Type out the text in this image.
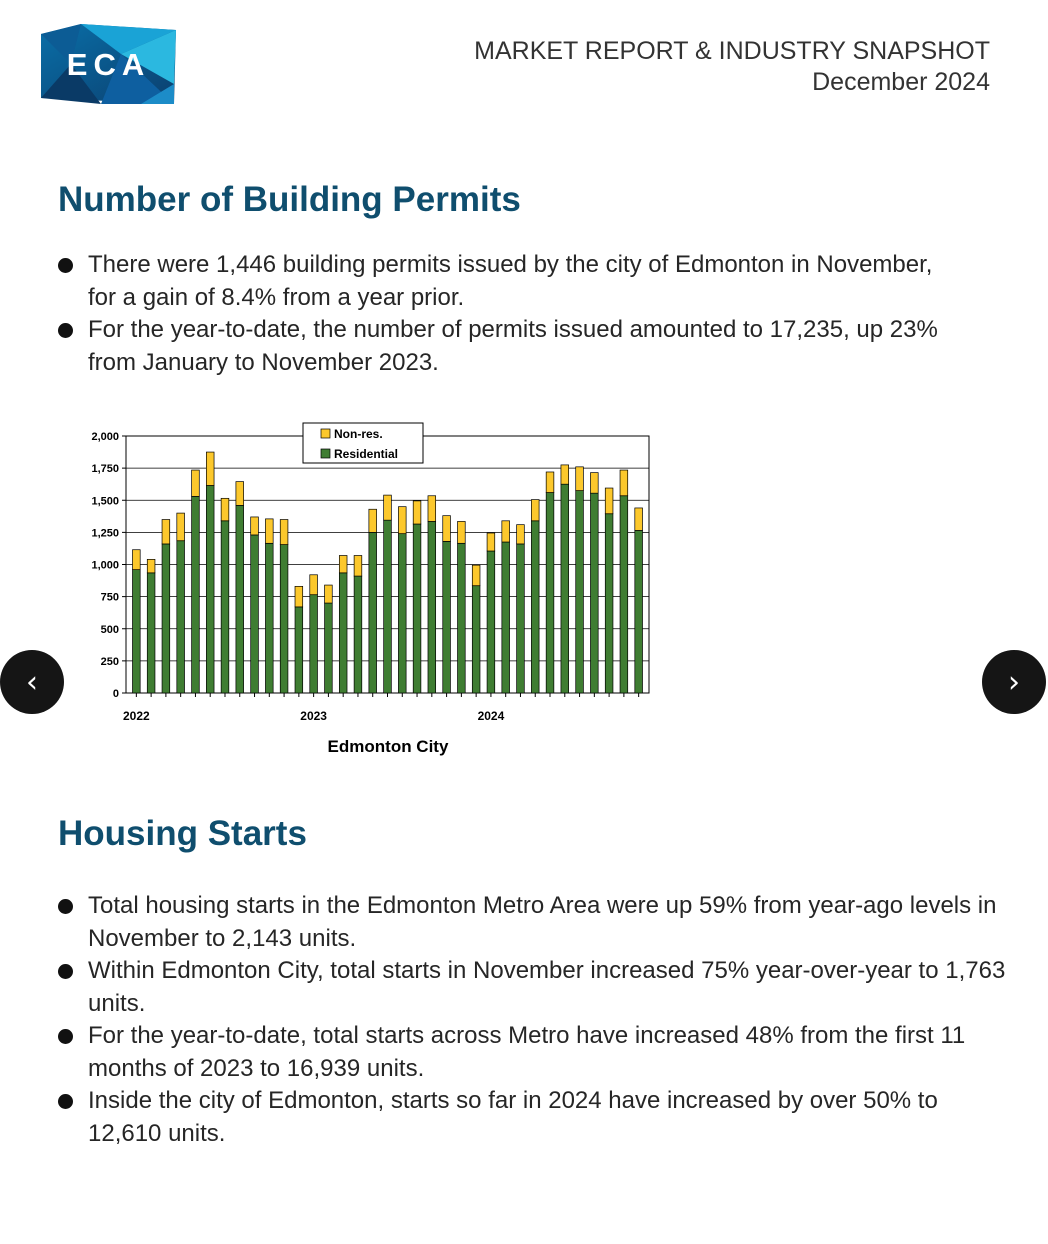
ECA	MARKET REPORT & INDUSTRY SNAPSHOT
December 2024
Number of Building Permits
There were 1,446 building permits issued by the city of Edmonton in November, for a gain of 8.4% from a year prior.
For the year-to-date, the number of permits issued amounted to 17,235, up 23% from January to November 2023.
0
250
500
750
1,000
1,250
1,500
1,750
2,000
2022	2023	2024
Edmonton City
Non-res.
Residential
Housing Starts
Total housing starts in the Edmonton Metro Area were up 59% from year-ago levels in November to 2,143 units.
Within Edmonton City, total starts in November increased 75% year-over-year to 1,763 units.
For the year-to-date, total starts across Metro have increased 48% from the first 11 months of 2023 to 16,939 units.
Inside the city of Edmonton, starts so far in 2024 have increased by over 50% to 12,610 units.
‹	›
